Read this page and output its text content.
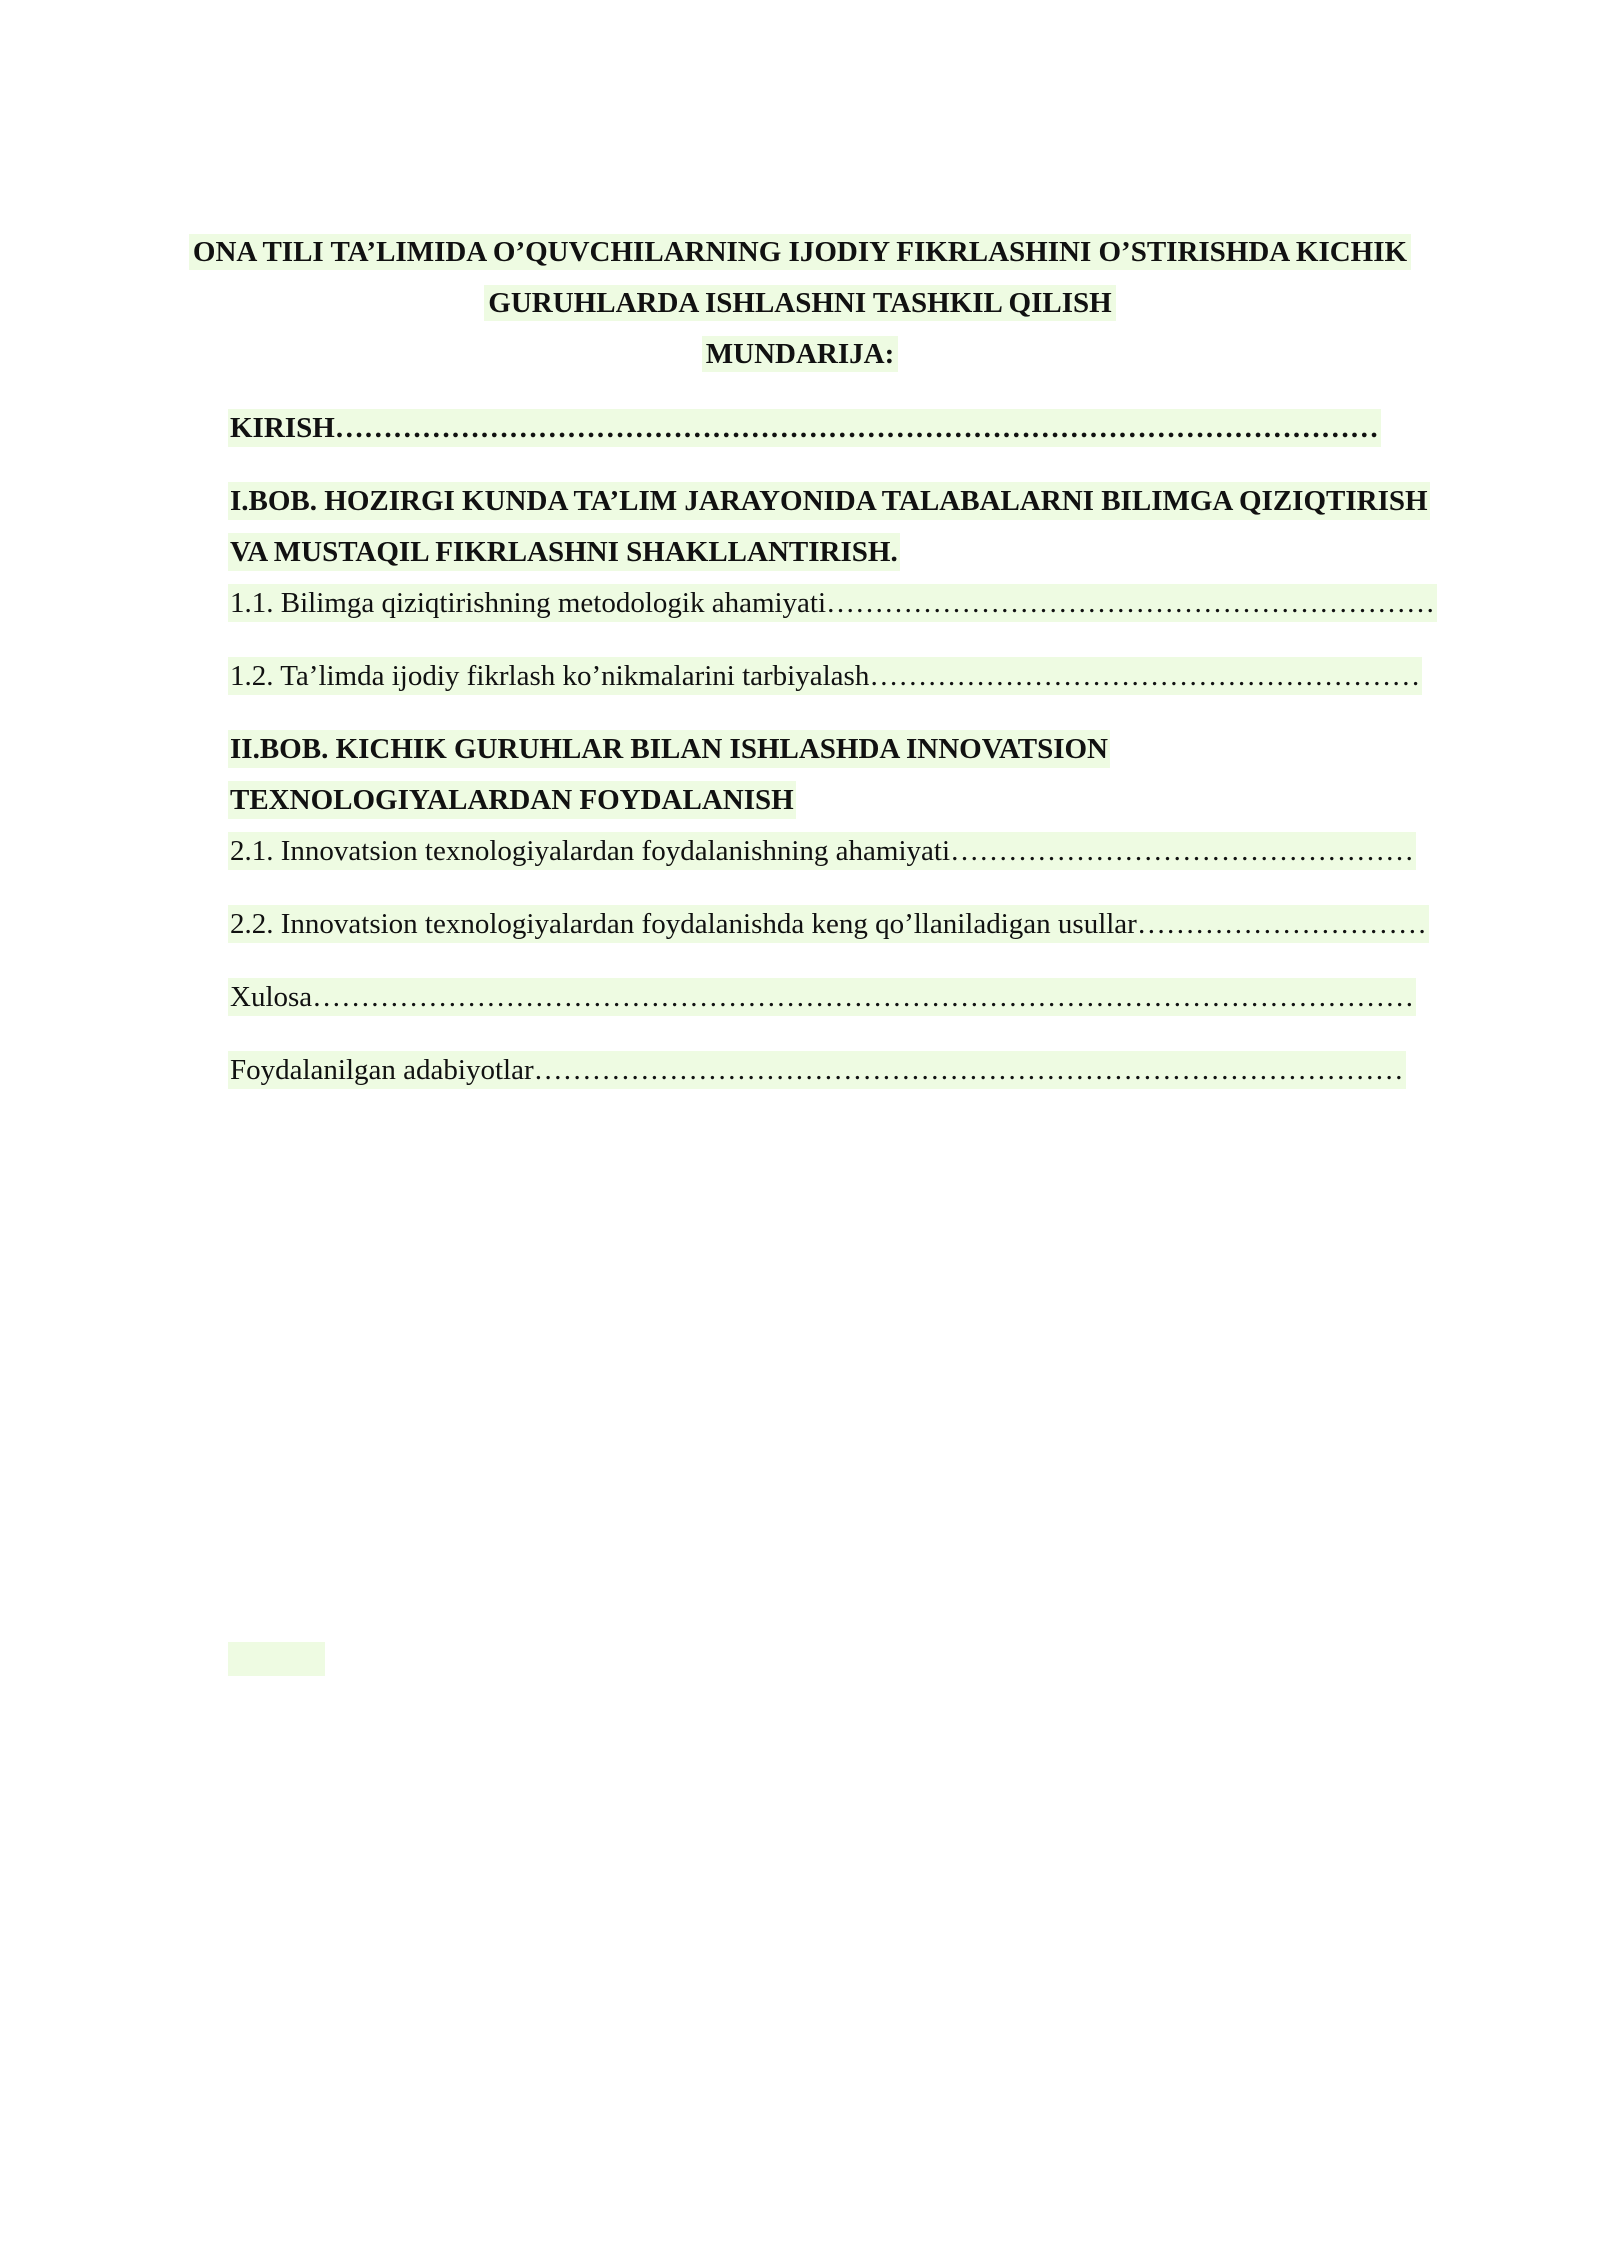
ONA TILI TA’LIMIDA O’QUVCHILARNING IJODIY FIKRLASHINI O’STIRISHDA KICHIK
GURUHLARDA ISHLASHNI TASHKIL QILISH
MUNDARIJA:
KIRISH………………………………………………………………………………………………
I.BOB. HOZIRGI KUNDA TA’LIM JARAYONIDA TALABALARNI BILIMGA QIZIQTIRISH
VA MUSTAQIL FIKRLASHNI SHAKLLANTIRISH.
1.1. Bilimga qiziqtirishning metodologik ahamiyati………………………………………………………
1.2. Ta’limda ijodiy fikrlash ko’nikmalarini tarbiyalash…………………………………………………
II.BOB. KICHIK GURUHLAR BILAN ISHLASHDA INNOVATSION
TEXNOLOGIYALARDAN FOYDALANISH
2.1. Innovatsion texnologiyalardan foydalanishning ahamiyati…………………………………………
2.2. Innovatsion texnologiyalardan foydalanishda keng qo’llaniladigan usullar…………………………
Xulosa……………………………………………………………………………………………………
Foydalanilgan adabiyotlar………………………………………………………………………………
